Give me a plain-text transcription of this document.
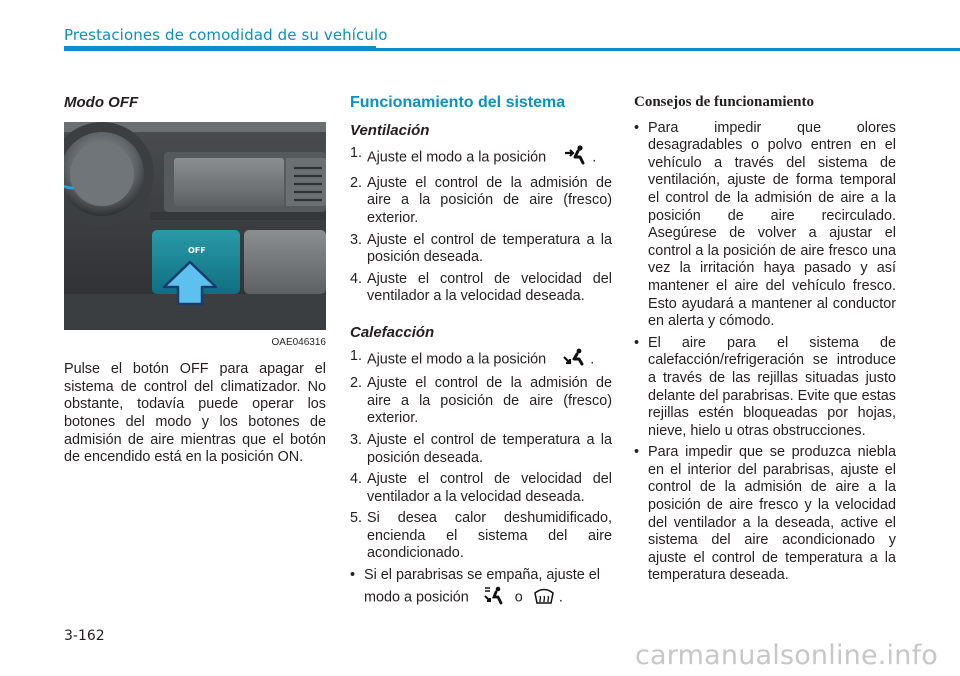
Prestaciones de comodidad de su vehículo
Modo OFF
OFF
OAE046316

Pulse el botón OFF para apagar el sistema de control del climatizador. No obstante, todavía puede operar los botones del modo y los botones de admisión de aire mientras que el botón de encendido está en la posición ON.

Funcionamiento del sistema
Ventilación
1. Ajuste el modo a la posición	.
2. Ajuste el control de la admisión de aire a la posición de aire (fresco) exterior.
3. Ajuste el control de temperatura a la posición deseada.
4. Ajuste el control de velocidad del ventilador a la velocidad deseada.
Calefacción
1. Ajuste el modo a la posición	.
2. Ajuste el control de la admisión de aire a la posición de aire (fresco) exterior.
3. Ajuste el control de temperatura a la posición deseada.
4. Ajuste el control de velocidad del ventilador a la velocidad deseada.
5. Si desea calor deshumidificado, encienda el sistema del aire acondicionado.
• Si el parabrisas se empaña, ajuste el modo a posición	o	.
Consejos de funcionamiento
• Para impedir que olores desagradables o polvo entren en el vehículo a través del sistema de ventilación, ajuste de forma temporal el control de la admisión de aire a la posición de aire recirculado. Asegúrese de volver a ajustar el control a la posición de aire fresco una vez la irritación haya pasado y así mantener el aire del vehículo fresco. Esto ayudará a mantener al conductor en alerta y cómodo.
• El aire para el sistema de calefacción/refrigeración se introduce a través de las rejillas situadas justo delante del parabrisas. Evite que estas rejillas estén bloqueadas por hojas, nieve, hielo u otras obstrucciones.
• Para impedir que se produzca niebla en el interior del parabrisas, ajuste el control de la admisión de aire a la posición de aire fresco y la velocidad del ventilador a la deseada, active el sistema del aire acondicionado y ajuste el control de temperatura a la temperatura deseada.
3-162
carmanualsonline.info
